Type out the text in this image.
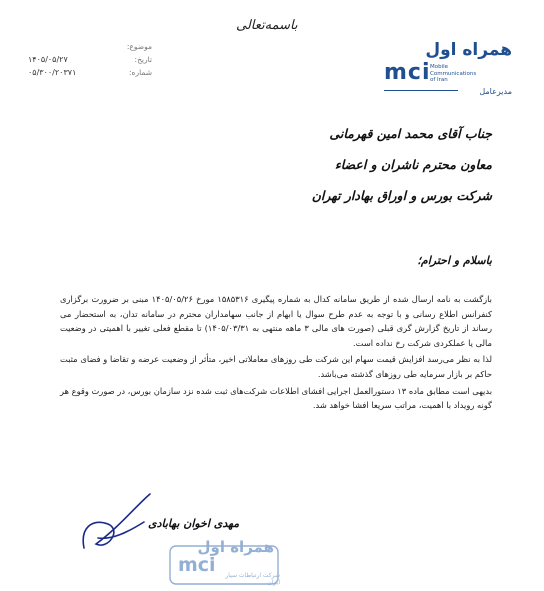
باسمه‌تعالی
موضوع:
تاریخ:
۱۴۰۵/۰۵/۲۷
شماره:
۰۵/۳۰۰/۲۰۳۷۱
همراه اول
mci Mobile
Communications
of Iran
مدیرعامل
جناب آقای محمد امین قهرمانی
معاون محترم ناشران و اعضاء
شرکت بورس و اوراق بهادار تهران
باسلام و احترام؛

بازگشت به نامه ارسال شده از طریق سامانه کدال به شماره پیگیری ۱۵۸۵۳۱۶ مورخ ۱۴۰۵/۰۵/۲۶ مبنی بر ضرورت برگزاری کنفرانس اطلاع رسانی و با توجه به عدم طرح سوال یا ابهام از جانب سهامداران محترم در سامانه تدان، به استحضار می رساند از تاریخ گزارش گری قبلی (صورت های مالی ۳ ماهه منتهی به ۱۴۰۵/۰۳/۳۱) تا مقطع فعلی تغییر با اهمیتی در وضعیت مالی یا عملکردی شرکت رخ نداده است.

لذا به نظر می‌رسد افزایش قیمت سهام این شرکت طی روزهای معاملاتی اخیر، متأثر از وضعیت عرضه و تقاضا و فضای مثبت حاکم بر بازار سرمایه طی روزهای گذشته می‌باشد.

بدیهی است مطابق ماده ۱۳ دستورالعمل اجرایی افشای اطلاعات شرکت‌های ثبت شده نزد سازمان بورس، در صورت وقوع هر گونه رویداد با اهمیت، مراتب سریعا افشا خواهد شد.

مهدی اخوان بهابادی
همراه اول
mci	شرکت ارتباطات سیار ایران
